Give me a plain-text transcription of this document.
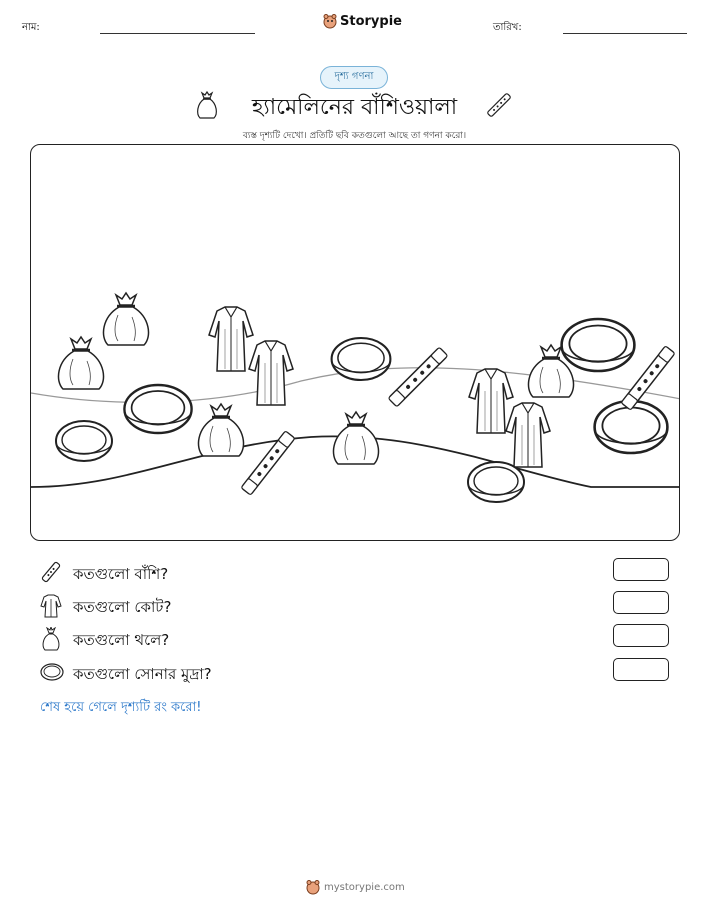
নাম:	Storypie	তারিখ:
দৃশ্য গণনা
হ্যামেলিনের বাঁশিওয়ালা
ব্যস্ত দৃশ্যটি দেখো। প্রতিটি ছবি কতগুলো আছে তা গণনা করো।
কতগুলো বাঁশি?
কতগুলো কোট?
কতগুলো থলে?
কতগুলো সোনার মুদ্রা?
শেষ হয়ে গেলে দৃশ্যটি রং করো!
mystorypie.com
